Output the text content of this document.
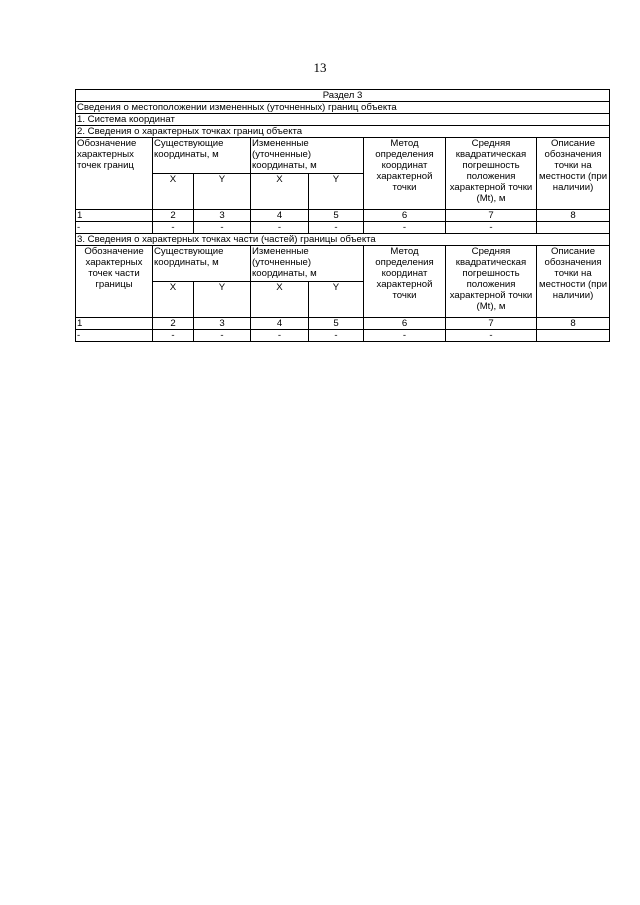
13
Раздел 3							
Сведения о местоположении измененных (уточненных) границ объекта							
1. Система координат							
2. Сведения о характерных точках границ объекта							
Обозначение характерных точек границ	Существующие координаты, м		Измененные (уточненные) координаты, м		Метод определения координат характерной точки	Средняя квадратическая погрешность положения характерной точки (Mt), м	Описание обозначения точки на местности (при наличии)
	X	Y	X	Y			
1	2	3	4	5	6	7	8
-	-	-	-	-	-	-	
3. Сведения о характерных точках части (частей) границы объекта							
Обозначение характерных точек части границы	Существующие координаты, м		Измененные (уточненные) координаты, м		Метод определения координат характерной точки	Средняя квадратическая погрешность положения характерной точки (Mt), м	Описание обозначения точки на местности (при наличии)
	X	Y	X	Y			
1	2	3	4	5	6	7	8
-	-	-	-	-	-	-	
